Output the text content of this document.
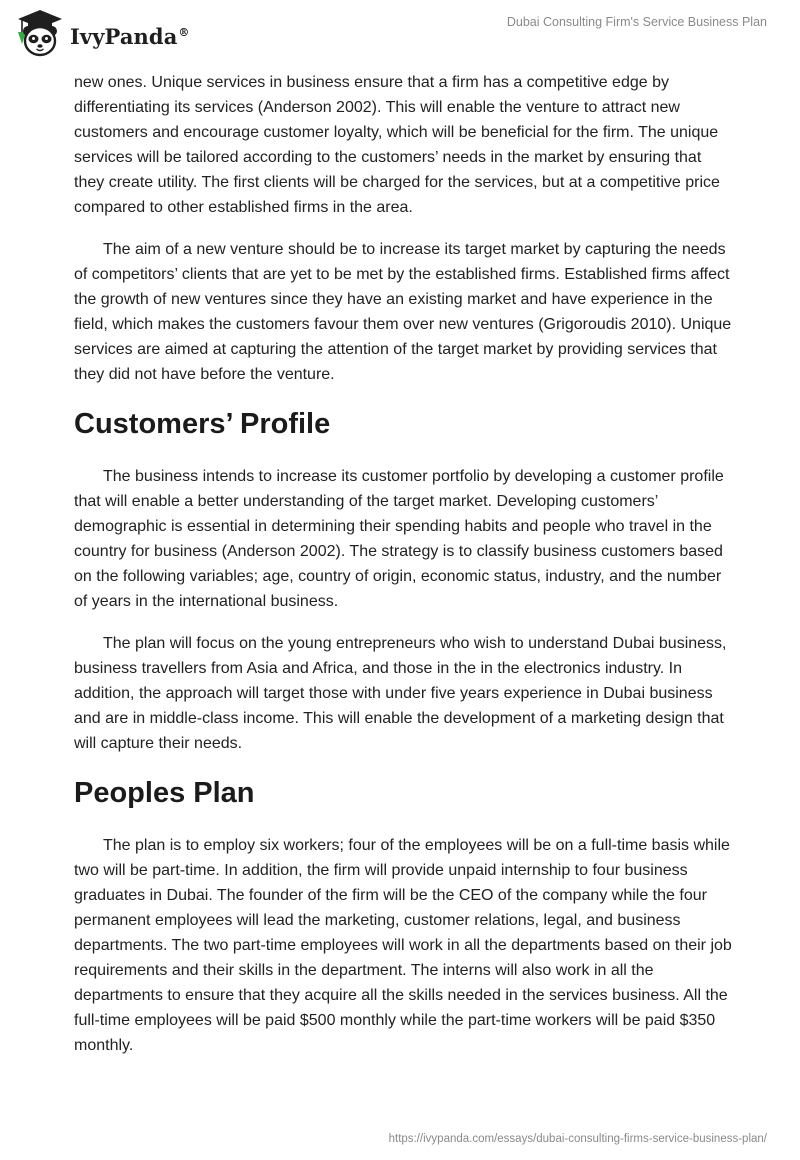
IvyPanda®
Dubai Consulting Firm's Service Business Plan

new ones. Unique services in business ensure that a firm has a competitive edge by differentiating its services (Anderson 2002). This will enable the venture to attract new customers and encourage customer loyalty, which will be beneficial for the firm. The unique services will be tailored according to the customers’ needs in the market by ensuring that they create utility. The first clients will be charged for the services, but at a competitive price compared to other established firms in the area.

The aim of a new venture should be to increase its target market by capturing the needs of competitors’ clients that are yet to be met by the established firms. Established firms affect the growth of new ventures since they have an existing market and have experience in the field, which makes the customers favour them over new ventures (Grigoroudis 2010). Unique services are aimed at capturing the attention of the target market by providing services that they did not have before the venture.

Customers’ Profile

The business intends to increase its customer portfolio by developing a customer profile that will enable a better understanding of the target market. Developing customers’ demographic is essential in determining their spending habits and people who travel in the country for business (Anderson 2002). The strategy is to classify business customers based on the following variables; age, country of origin, economic status, industry, and the number of years in the international business.

The plan will focus on the young entrepreneurs who wish to understand Dubai business, business travellers from Asia and Africa, and those in the in the electronics industry. In addition, the approach will target those with under five years experience in Dubai business and are in middle-class income. This will enable the development of a marketing design that will capture their needs.

Peoples Plan

The plan is to employ six workers; four of the employees will be on a full-time basis while two will be part-time. In addition, the firm will provide unpaid internship to four business graduates in Dubai. The founder of the firm will be the CEO of the company while the four permanent employees will lead the marketing, customer relations, legal, and business departments. The two part-time employees will work in all the departments based on their job requirements and their skills in the department. The interns will also work in all the departments to ensure that they acquire all the skills needed in the services business. All the full-time employees will be paid $500 monthly while the part-time workers will be paid $350 monthly.

https://ivypanda.com/essays/dubai-consulting-firms-service-business-plan/
